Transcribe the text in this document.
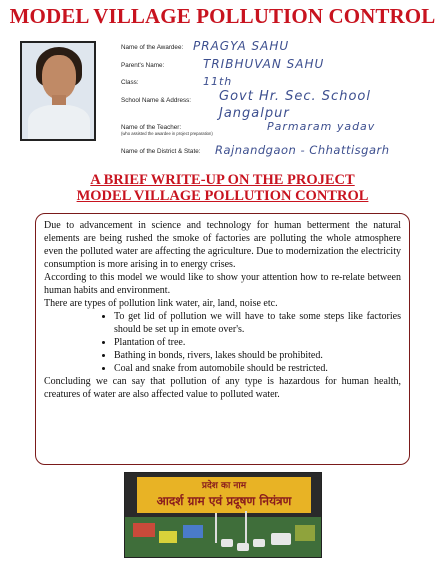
MODEL VILLAGE POLLUTION CONTROL
Name of the Awardee: PRAGYA SAHU
Parent's Name:	TRIBHUVAN SAHU
Class:	11th
School Name & Address: Govt Hr. Sec. School
Jangalpur
Name of the Teacher:
(who assisted the awardee in project preparation)
Parmaram yadav
Name of the District & State: Rajnandgaon - Chhattisgarh
A BRIEF WRITE-UP ON THE PROJECT
MODEL VILLAGE POLLUTION CONTROL

Due to advancement in science and technology for human betterment the natural elements are being rushed the smoke of factories are polluting the whole atmosphere even the polluted water are affecting the agriculture. Due to modernization the electricity consumption is more arising in to energy crises.

According to this model we would like to show your attention how to re-relate between human habits and environment.

There are types of pollution link water, air, land, noise etc.

• To get lid of pollution we will have to take some steps like factories should be set up in emote over's.
• Plantation of tree.
• Bathing in bonds, rivers, lakes should be prohibited.
• Coal and snake from automobile should be restricted.

Concluding we can say that pollution of any type is hazardous for human health, creatures of water are also affected value to polluted water.

प्रदेश का नाम
आदर्श ग्राम एवं प्रदूषण नियंत्रण
